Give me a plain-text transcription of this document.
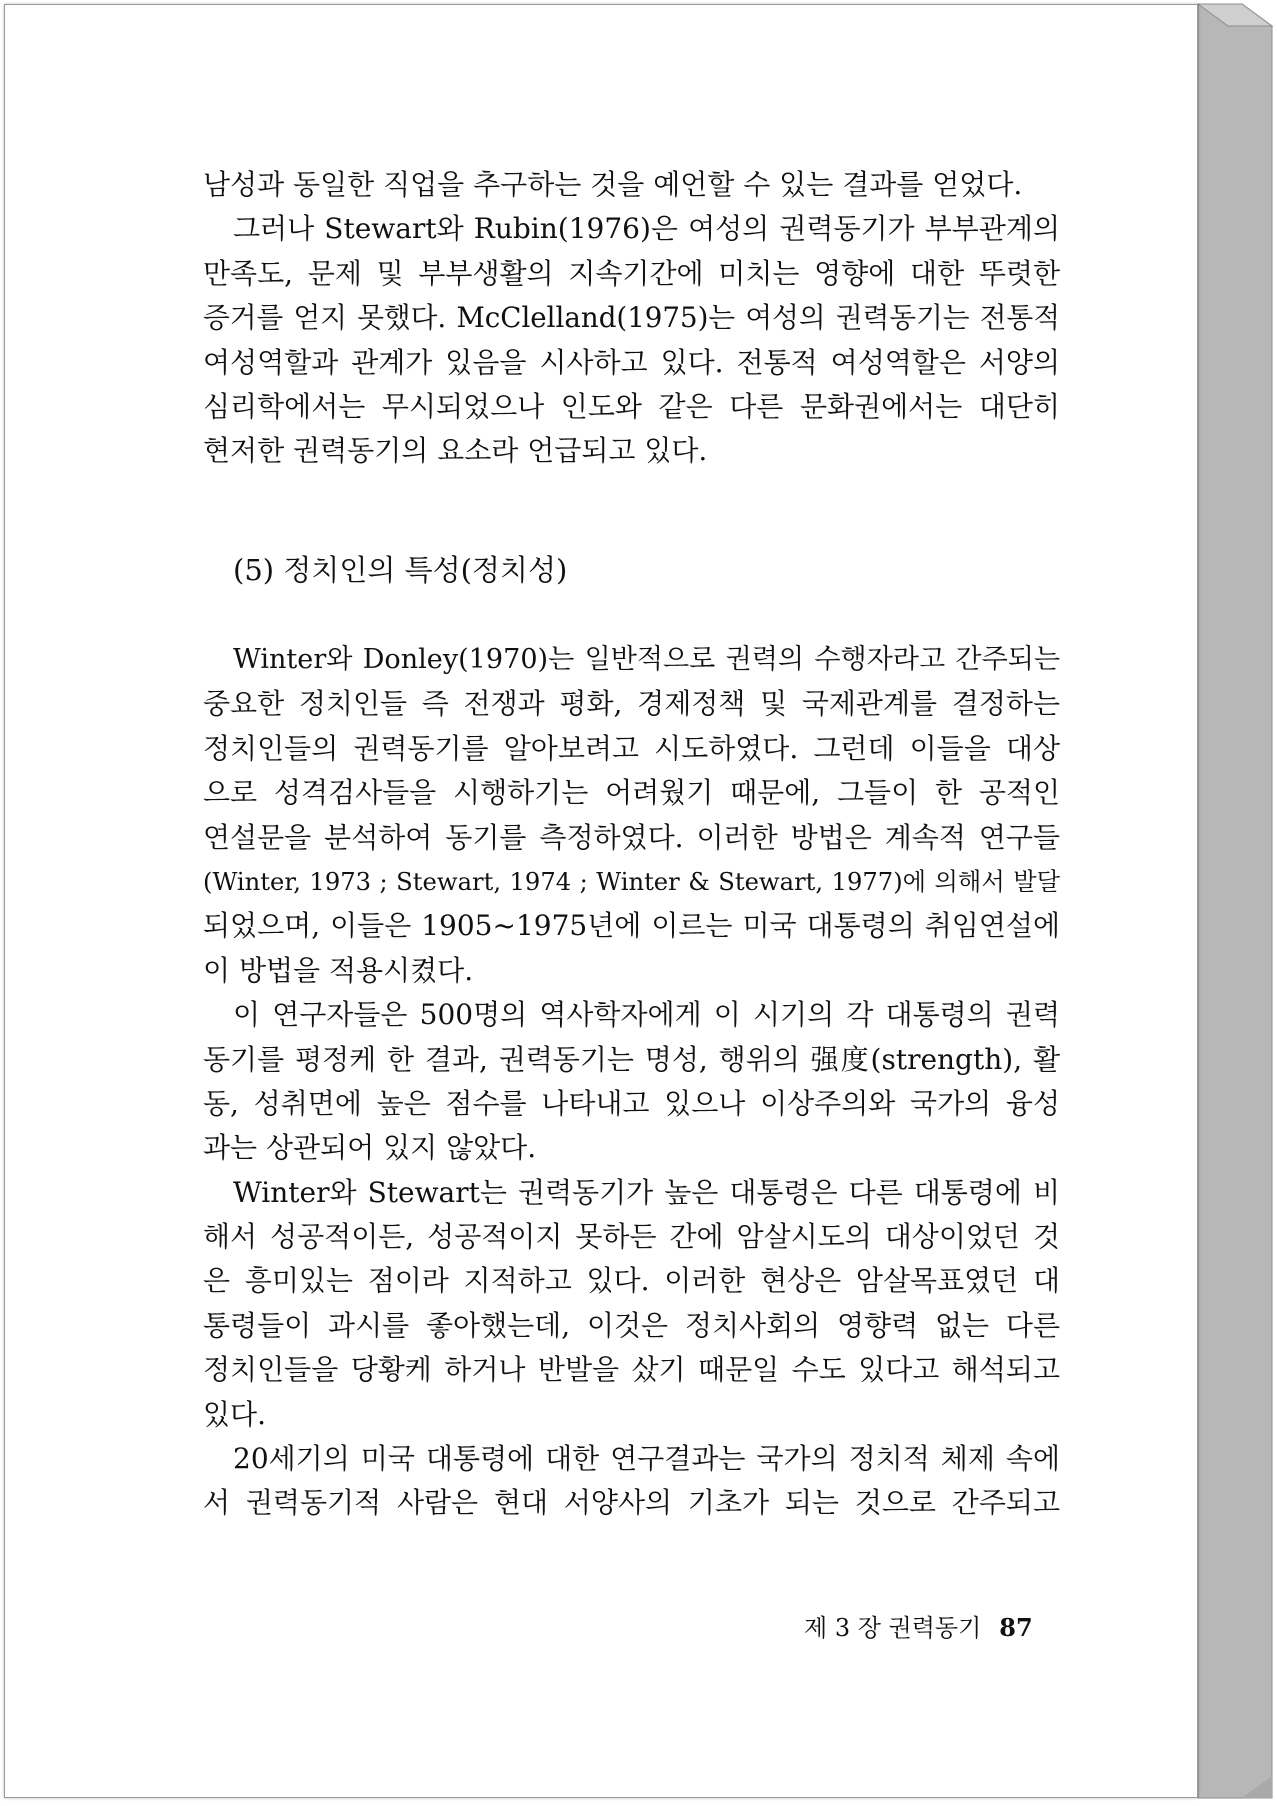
남성과 동일한 직업을 추구하는 것을 예언할 수 있는 결과를 얻었다.

그러나 Stewart와 Rubin(1976)은 여성의 권력동기가 부부관계의
만족도, 문제 및 부부생활의 지속기간에 미치는 영향에 대한 뚜렷한
증거를 얻지 못했다. McClelland(1975)는 여성의 권력동기는 전통적
여성역할과 관계가 있음을 시사하고 있다. 전통적 여성역할은 서양의
심리학에서는 무시되었으나 인도와 같은 다른 문화권에서는 대단히
현저한 권력동기의 요소라 언급되고 있다.

(5) 정치인의 특성(정치성)

Winter와 Donley(1970)는 일반적으로 권력의 수행자라고 간주되는
중요한 정치인들 즉 전쟁과 평화, 경제정책 및 국제관계를 결정하는
정치인들의 권력동기를 알아보려고 시도하였다. 그런데 이들을 대상
으로 성격검사들을 시행하기는 어려웠기 때문에, 그들이 한 공적인
연설문을 분석하여 동기를 측정하였다. 이러한 방법은 계속적 연구들
(Winter, 1973 ; Stewart, 1974 ; Winter & Stewart, 1977)에 의해서 발달
되었으며, 이들은 1905~1975년에 이르는 미국 대통령의 취임연설에
이 방법을 적용시켰다.

이 연구자들은 500명의 역사학자에게 이 시기의 각 대통령의 권력
동기를 평정케 한 결과, 권력동기는 명성, 행위의 强度(strength), 활
동, 성취면에 높은 점수를 나타내고 있으나 이상주의와 국가의 융성
과는 상관되어 있지 않았다.

Winter와 Stewart는 권력동기가 높은 대통령은 다른 대통령에 비
해서 성공적이든, 성공적이지 못하든 간에 암살시도의 대상이었던 것
은 흥미있는 점이라 지적하고 있다. 이러한 현상은 암살목표였던 대
통령들이 과시를 좋아했는데, 이것은 정치사회의 영향력 없는 다른
정치인들을 당황케 하거나 반발을 샀기 때문일 수도 있다고 해석되고
있다.

20세기의 미국 대통령에 대한 연구결과는 국가의 정치적 체제 속에
서 권력동기적 사람은 현대 서양사의 기초가 되는 것으로 간주되고

제 3 장 권력동기 87
